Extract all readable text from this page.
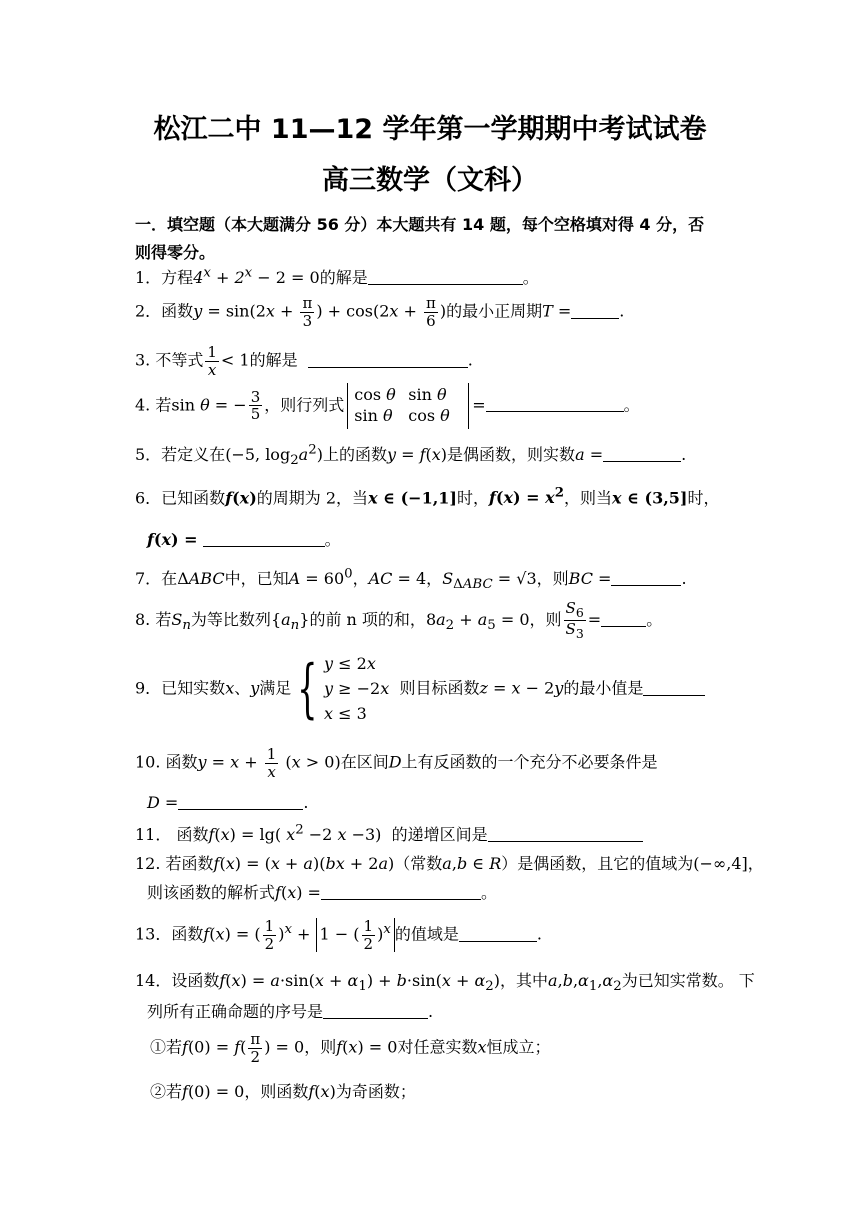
松江二中 11—12 学年第一学期期中考试试卷
高三数学（文科）
一．填空题（本大题满分 56 分）本大题共有 14 题，每个空格填对得 4 分，否
则得零分。
1．方程$4^x + 2^x - 2 = 0$的解是	。
2．函数$y = \sin(2x + \frac{\pi}{3}$ ) + $\cos(2x + \frac{\pi}{6}$ )的最小正周期T =	.
3. 不等式 $\frac{1}{x} < 1$的解是	.
4. 若sin θ = − $\frac{3}{5}$ ，则行列式cos θ sin θ
sin θ cos θ=	。
5．若定义在(−5, $\log_2a^2$)上的函数y = f(x)是偶函数，则实数a =	.
6．已知函数f(x)的周期为 2，当x ∈ (−1,1]时，$f(x) = x^2$，则当x ∈ (3,5]时，
f(x) =	。
7．在ΔABC中，已知$A = 60^0$，AC = 4，$S_{\Delta ABC} = √3$，则BC =	.
8. 若$S_n$为等比数列$\{a_n\}$的前 n 项的和，$8a_2 + a_5 = 0$，则 $\frac{S_6}{S_3}$ =	。
9．已知实数x、y满足{ y ≤ 2x
y ≥ −2x
x ≤ 3  则目标函数z = x − 2y的最小值是
10. 函数$y = x + \frac{1}{x} (x > 0)$在区间D上有反函数的一个充分不必要条件是
D =	.
11． 函数f(x) = lg( $x^2 -2$ x −3)  的递增区间是
12. 若函数f(x) = (x + a)(bx + 2a)（常数a,b ∈ R）是偶函数，且它的值域为(−∞,4]，
则该函数的解析式f(x) =	。
13．函数f(x) = ( $\frac{1}{2} )^x + 1$ − ( $\frac{1}{2} )^x$ 的值域是	.
14．设函数$f(x) = a\cdot\sin(x + \alpha_1) + b\cdot\sin(x + \alpha_2)$，其中$a,b,\alpha_1,\alpha_2$为已知实常数。 下
列所有正确命题的序号是	.
①若$f(0) = f( \frac{\pi}{2}$ ) = 0，则f(x) = 0对任意实数x恒成立；
②若f(0) = 0，则函数f(x)为奇函数；
